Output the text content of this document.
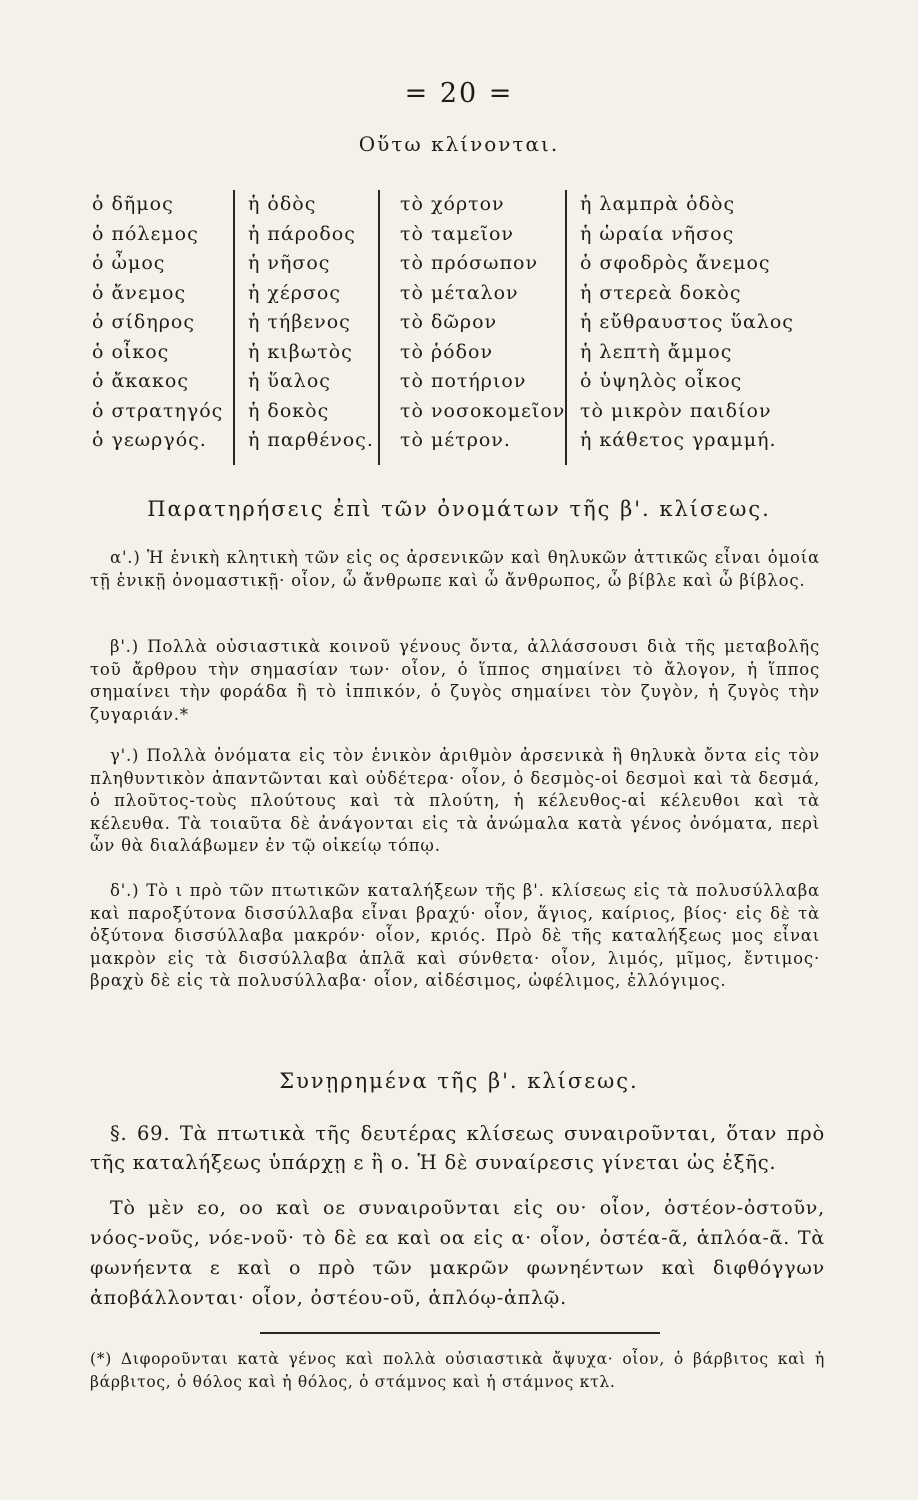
= 20 =
Οὕτω κλίνονται.
ὁ δῆμος
ὁ πόλεμος
ὁ ὦμος
ὁ ἄνεμος
ὁ σίδηρος
ὁ οἶκος
ὁ ἄκακος
ὁ στρατηγός
ὁ γεωργός.
ἡ ὁδὸς
ἡ πάροδος
ἡ νῆσος
ἡ χέρσος
ἡ τήβενος
ἡ κιβωτὸς
ἡ ὕαλος
ἡ δοκὸς
ἡ παρθένος.
τὸ χόρτον
τὸ ταμεῖον
τὸ πρόσωπον
τὸ μέταλον
τὸ δῶρον
τὸ ῥόδον
τὸ ποτήριον
τὸ νοσοκομεῖον
τὸ μέτρον.
ἡ λαμπρὰ ὁδὸς
ἡ ὡραία νῆσος
ὁ σφοδρὸς ἄνεμος
ἡ στερεὰ δοκὸς
ἡ εὔθραυστος ὕαλος
ἡ λεπτὴ ἄμμος
ὁ ὑψηλὸς οἶκος
τὸ μικρὸν παιδίον
ἡ κάθετος γραμμή.
Παρατηρήσεις ἐπὶ τῶν ὀνομάτων τῆς β'. κλίσεως.
α'.) Ἡ ἑνικὴ κλητικὴ τῶν εἰς ος ἀρσενικῶν καὶ θηλυκῶν ἀττικῶς εἶναι ὁμοία τῇ ἑνικῇ ὀνομαστικῇ· οἷον, ὦ ἄνθρωπε καὶ ὦ ἄνθρωπος, ὦ βίβλε καὶ ὦ βίβλος.
β'.) Πολλὰ οὐσιαστικὰ κοινοῦ γένους ὄντα, ἀλλάσσουσι διὰ τῆς μεταβολῆς τοῦ ἄρθρου τὴν σημασίαν των· οἷον, ὁ ἵππος σημαίνει τὸ ἄλογον, ἡ ἵππος σημαίνει τὴν φοράδα ἢ τὸ ἱππικόν, ὁ ζυγὸς σημαίνει τὸν ζυγὸν, ἡ ζυγὸς τὴν ζυγαριάν.*
γ'.) Πολλὰ ὀνόματα εἰς τὸν ἑνικὸν ἀριθμὸν ἀρσενικὰ ἢ θηλυκὰ ὄντα εἰς τὸν πληθυντικὸν ἀπαντῶνται καὶ οὐδέτερα· οἷον, ὁ δεσμὸς-οἱ δεσμοὶ καὶ τὰ δεσμά, ὁ πλοῦτος-τοὺς πλούτους καὶ τὰ πλούτη, ἡ κέλευθος-αἱ κέλευθοι καὶ τὰ κέλευθα. Τὰ τοιαῦτα δὲ ἀνάγονται εἰς τὰ ἀνώμαλα κατὰ γένος ὀνόματα, περὶ ὧν θὰ διαλάβωμεν ἐν τῷ οἰκείῳ τόπῳ.
δ'.) Τὸ ι πρὸ τῶν πτωτικῶν καταλήξεων τῆς β'. κλίσεως εἰς τὰ πολυσύλλαβα καὶ παροξύτονα δισσύλλαβα εἶναι βραχύ· οἷον, ἅγιος, καίριος, βίος· εἰς δὲ τὰ ὀξύτονα δισσύλλαβα μακρόν· οἷον, κριός. Πρὸ δὲ τῆς καταλήξεως μος εἶναι μακρὸν εἰς τὰ δισσύλλαβα ἁπλᾶ καὶ σύνθετα· οἷον, λιμός, μῖμος, ἔντιμος· βραχὺ δὲ εἰς τὰ πολυσύλλαβα· οἷον, αἰδέσιμος, ὠφέλιμος, ἐλλόγιμος.
Συνῃρημένα τῆς β'. κλίσεως.
§. 69. Τὰ πτωτικὰ τῆς δευτέρας κλίσεως συναιροῦνται, ὅταν πρὸ τῆς καταλήξεως ὑπάρχῃ ε ἢ ο. Ἡ δὲ συναίρεσις γίνεται ὡς ἑξῆς.
Τὸ μὲν εο, οο καὶ οε συναιροῦνται εἰς ου· οἷον, ὀστέον-ὀστοῦν, νόος-νοῦς, νόε-νοῦ· τὸ δὲ εα καὶ οα εἰς α· οἷον, ὀστέα-ᾶ, ἁπλόα-ᾶ. Τὰ φωνήεντα ε καὶ ο πρὸ τῶν μακρῶν φωνηέντων καὶ διφθόγγων ἀποβάλλονται· οἷον, ὀστέου-οῦ, ἁπλόῳ-ἁπλῷ.
(*) Διφοροῦνται κατὰ γένος καὶ πολλὰ οὐσιαστικὰ ἄψυχα· οἷον, ὁ βάρβιτος καὶ ἡ βάρβιτος, ὁ θόλος καὶ ἡ θόλος, ὁ στάμνος καὶ ἡ στάμνος κτλ.
